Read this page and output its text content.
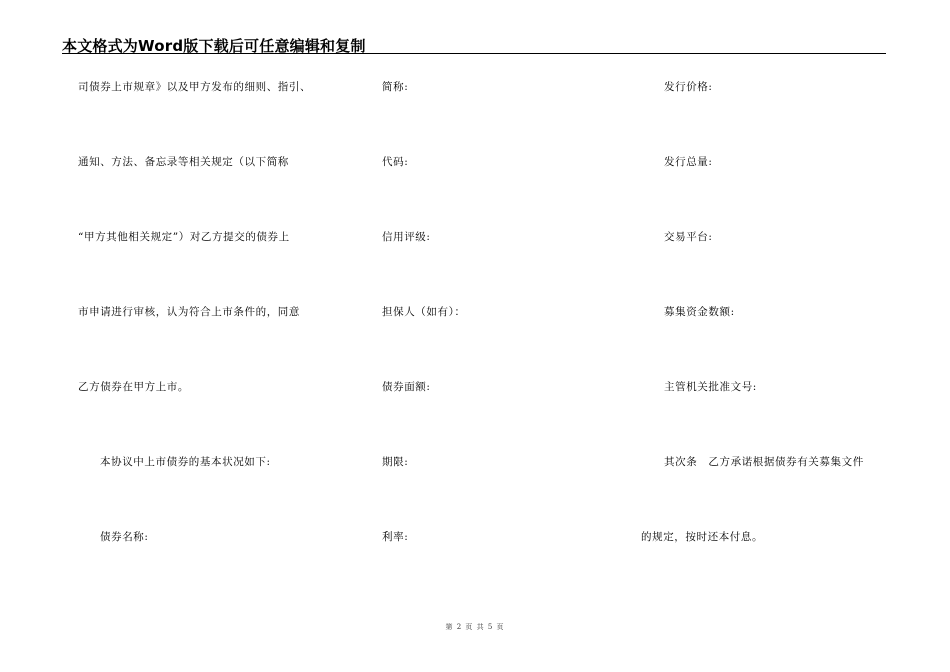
本文格式为Word版下载后可任意编辑和复制
司债券上市规章》以及甲方发布的细则、指引、
通知、方法、备忘录等相关规定（以下简称
“甲方其他相关规定”）对乙方提交的债券上
市申请进行审核，认为符合上市条件的，同意
乙方债券在甲方上市。
本协议中上市债券的基本状况如下:
债券名称:
简称:
代码:
信用评级:
担保人（如有）：
债券面额:
期限:
利率:
发行价格:
发行总量:
交易平台:
募集资金数额:
主管机关批准文号:
其次条　乙方承诺根据债券有关募集文件
的规定，按时还本付息。
第 2 页 共 5 页
